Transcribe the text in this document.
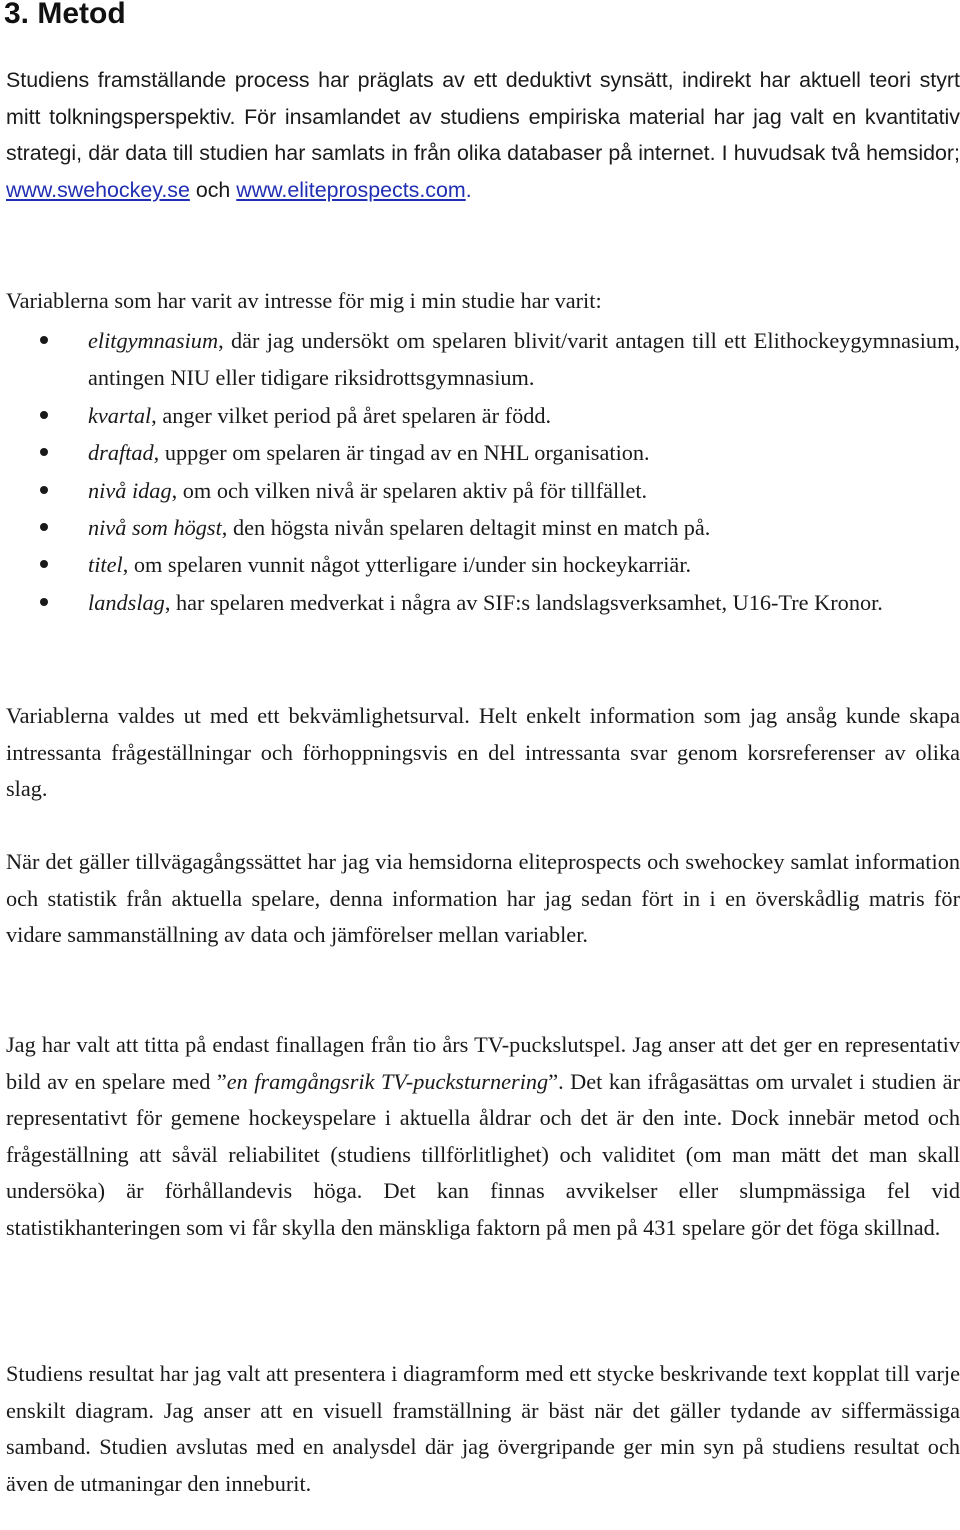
3. Metod

Studiens framställande process har präglats av ett deduktivt synsätt, indirekt har aktuell teori styrt mitt tolkningsperspektiv. För insamlandet av studiens empiriska material har jag valt en kvantitativ strategi, där data till studien har samlats in från olika databaser på internet. I huvudsak två hemsidor; www.swehockey.se och www.eliteprospects.com.

Variablerna som har varit av intresse för mig i min studie har varit:

elitgymnasium, där jag undersökt om spelaren blivit/varit antagen till ett Elithockeygymnasium, antingen NIU eller tidigare riksidrottsgymnasium.
kvartal, anger vilket period på året spelaren är född.
draftad, uppger om spelaren är tingad av en NHL organisation.
nivå idag, om och vilken nivå är spelaren aktiv på för tillfället.
nivå som högst, den högsta nivån spelaren deltagit minst en match på.
titel, om spelaren vunnit något ytterligare i/under sin hockeykarriär.
landslag, har spelaren medverkat i några av SIF:s landslagsverksamhet, U16-Tre Kronor.

Variablerna valdes ut med ett bekvämlighetsurval. Helt enkelt information som jag ansåg kunde skapa intressanta frågeställningar och förhoppningsvis en del intressanta svar genom korsreferenser av olika slag.

När det gäller tillvägagångssättet har jag via hemsidorna eliteprospects och swehockey samlat information och statistik från aktuella spelare, denna information har jag sedan fört in i en överskådlig matris för vidare sammanställning av data och jämförelser mellan variabler.

Jag har valt att titta på endast finallagen från tio års TV-puckslutspel. Jag anser att det ger en representativ bild av en spelare med ”en framgångsrik TV-pucksturnering”. Det kan ifrågasättas om urvalet i studien är representativt för gemene hockeyspelare i aktuella åldrar och det är den inte. Dock innebär metod och frågeställning att såväl reliabilitet (studiens tillförlitlighet) och validitet (om man mätt det man skall undersöka) är förhållandevis höga. Det kan finnas avvikelser eller slumpmässiga fel vid statistikhanteringen som vi får skylla den mänskliga faktorn på men på 431 spelare gör det föga skillnad.

Studiens resultat har jag valt att presentera i diagramform med ett stycke beskrivande text kopplat till varje enskilt diagram. Jag anser att en visuell framställning är bäst när det gäller tydande av siffermässiga samband. Studien avslutas med en analysdel där jag övergripande ger min syn på studiens resultat och även de utmaningar den inneburit.
